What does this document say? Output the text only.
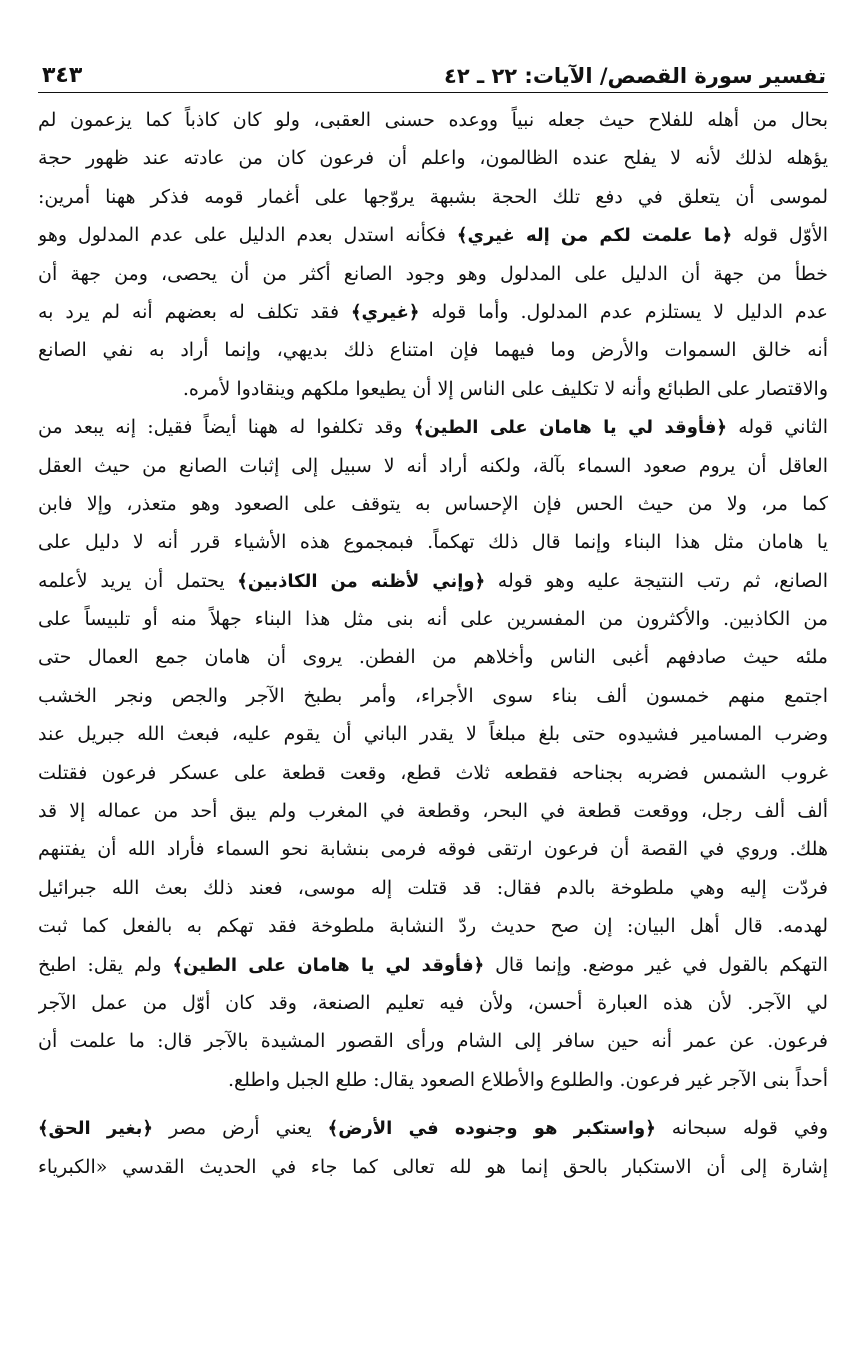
تفسير سورة القصص/ الآيات: ٢٢ ـ ٤٢
٣٤٣
بحال من أهله للفلاح حيث جعله نبياً ووعده حسنى العقبى، ولو كان كاذباً كما يزعمون لم
يؤهله لذلك لأنه لا يفلح عنده الظالمون، واعلم أن فرعون كان من عادته عند ظهور حجة
لموسى أن يتعلق في دفع تلك الحجة بشبهة يروّجها على أغمار قومه فذكر ههنا أمرين:
الأوّل قوله ﴿ما علمت لكم من إله غيري﴾ فكأنه استدل بعدم الدليل على عدم المدلول وهو
خطأ من جهة أن الدليل على المدلول وهو وجود الصانع أكثر من أن يحصى، ومن جهة أن
عدم الدليل لا يستلزم عدم المدلول. وأما قوله ﴿غيري﴾ فقد تكلف له بعضهم أنه لم يرد به
أنه خالق السموات والأرض وما فيهما فإن امتناع ذلك بديهي، وإنما أراد به نفي الصانع
والاقتصار على الطبائع وأنه لا تكليف على الناس إلا أن يطيعوا ملكهم وينقادوا لأمره.
الثاني قوله ﴿فأوقد لي يا هامان على الطين﴾ وقد تكلفوا له ههنا أيضاً فقيل: إنه يبعد من
العاقل أن يروم صعود السماء بآلة، ولكنه أراد أنه لا سبيل إلى إثبات الصانع من حيث العقل
كما مر، ولا من حيث الحس فإن الإحساس به يتوقف على الصعود وهو متعذر، وإلا فابن
يا هامان مثل هذا البناء وإنما قال ذلك تهكماً. فبمجموع هذه الأشياء قرر أنه لا دليل على
الصانع، ثم رتب النتيجة عليه وهو قوله ﴿وإني لأظنه من الكاذبين﴾ يحتمل أن يريد لأعلمه
من الكاذبين. والأكثرون من المفسرين على أنه بنى مثل هذا البناء جهلاً منه أو تلبيساً على
ملئه حيث صادفهم أغبى الناس وأخلاهم من الفطن. يروى أن هامان جمع العمال حتى
اجتمع منهم خمسون ألف بناء سوى الأجراء، وأمر بطبخ الآجر والجص ونجر الخشب
وضرب المسامير فشيدوه حتى بلغ مبلغاً لا يقدر الباني أن يقوم عليه، فبعث الله جبريل عند
غروب الشمس فضربه بجناحه فقطعه ثلاث قطع، وقعت قطعة على عسكر فرعون فقتلت
ألف ألف رجل، ووقعت قطعة في البحر، وقطعة في المغرب ولم يبق أحد من عماله إلا قد
هلك. وروي في القصة أن فرعون ارتقى فوقه فرمى بنشابة نحو السماء فأراد الله أن يفتنهم
فردّت إليه وهي ملطوخة بالدم فقال: قد قتلت إله موسى، فعند ذلك بعث الله جبرائيل
لهدمه. قال أهل البيان: إن صح حديث ردّ النشابة ملطوخة فقد تهكم به بالفعل كما ثبت
التهكم بالقول في غير موضع. وإنما قال ﴿فأوقد لي يا هامان على الطين﴾ ولم يقل: اطبخ
لي الآجر. لأن هذه العبارة أحسن، ولأن فيه تعليم الصنعة، وقد كان أوّل من عمل الآجر
فرعون. عن عمر أنه حين سافر إلى الشام ورأى القصور المشيدة بالآجر قال: ما علمت أن
أحداً بنى الآجر غير فرعون. والطلوع والأطلاع الصعود يقال: طلع الجبل واطلع.
وفي قوله سبحانه ﴿واستكبر هو وجنوده في الأرض﴾ يعني أرض مصر ﴿بغير الحق﴾
إشارة إلى أن الاستكبار بالحق إنما هو لله تعالى كما جاء في الحديث القدسي «الكبرياء
